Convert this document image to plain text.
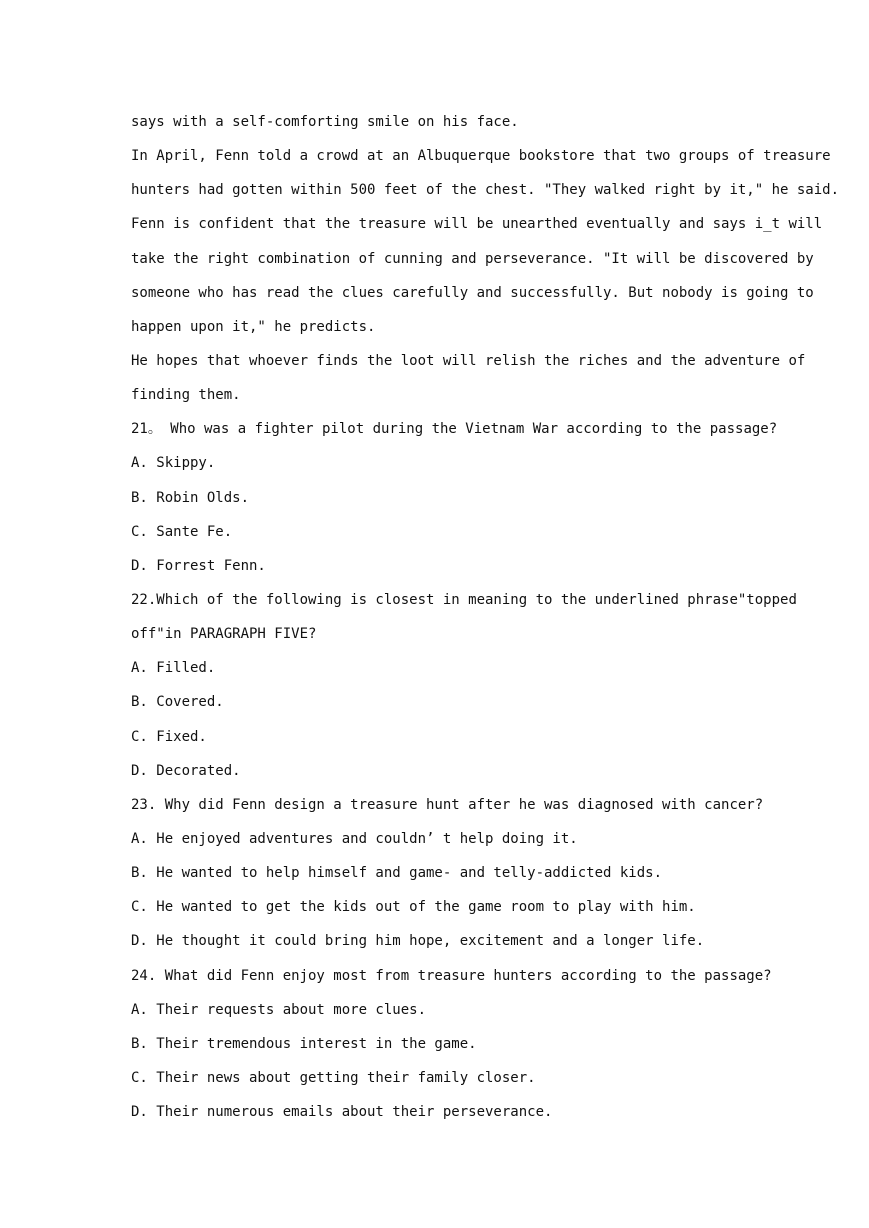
says with a self-comforting smile on his face.
In April, Fenn told a crowd at an Albuquerque bookstore that two groups of treasure
hunters had gotten within 500 feet of the chest. "They walked right by it," he said.
Fenn is confident that the treasure will be unearthed eventually and says i_t will
take the right combination of cunning and perseverance. "It will be discovered by
someone who has read the clues carefully and successfully. But nobody is going to
happen upon it," he predicts.
He hopes that whoever finds the loot will relish the riches and the adventure of
finding them.
21。 Who was a fighter pilot during the Vietnam War according to the passage?
A. Skippy.
B. Robin Olds.
C. Sante Fe.
D. Forrest Fenn.
22.Which of the following is closest in meaning to the underlined phrase"topped
off"in PARAGRAPH FIVE?
A. Filled.
B. Covered.
C. Fixed.
D. Decorated.
23. Why did Fenn design a treasure hunt after he was diagnosed with cancer?
A. He enjoyed adventures and couldn’ t help doing it.
B. He wanted to help himself and game- and telly-addicted kids.
C. He wanted to get the kids out of the game room to play with him.
D. He thought it could bring him hope, excitement and a longer life.
24. What did Fenn enjoy most from treasure hunters according to the passage?
A. Their requests about more clues.
B. Their tremendous interest in the game.
C. Their news about getting their family closer.
D. Their numerous emails about their perseverance.
